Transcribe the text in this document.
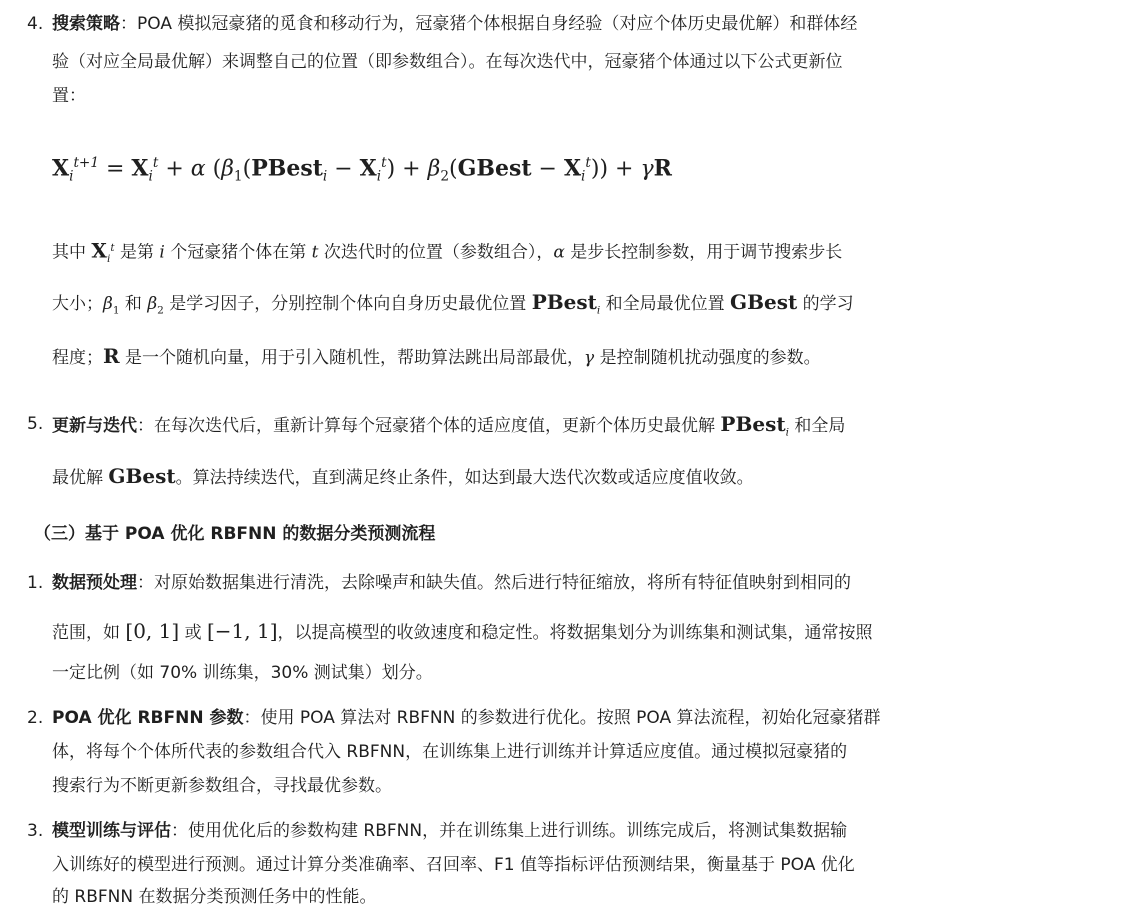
4. 搜索策略：POA 模拟冠豪猪的觅食和移动行为，冠豪猪个体根据自身经验（对应个体历史最优解）和群体经
验（对应全局最优解）来调整自己的位置（即参数组合）。在每次迭代中，冠豪猪个体通过以下公式更新位
置：
$X_i^{t+1} = X_i^t + \alpha$ ($\beta_1(PBest_i - X_i^t)$ + $\beta_2(GBest - X_i^t)) + \gamma R$
其中 $X_i^t$ 是第 i 个冠豪猪个体在第 t 次迭代时的位置（参数组合），α 是步长控制参数，用于调节搜索步长
大小；$\beta_1$ 和 $\beta_2$ 是学习因子，分别控制个体向自身历史最优位置 PBest$_i$ 和全局最优位置 GBest 的学习
程度；R 是一个随机向量，用于引入随机性，帮助算法跳出局部最优，γ 是控制随机扰动强度的参数。
5. 更新与迭代：在每次迭代后，重新计算每个冠豪猪个体的适应度值，更新个体历史最优解 PBest$_i$ 和全局
最优解 GBest。算法持续迭代，直到满足终止条件，如达到最大迭代次数或适应度值收敛。
（三）基于 POA 优化 RBFNN 的数据分类预测流程
1. 数据预处理：对原始数据集进行清洗，去除噪声和缺失值。然后进行特征缩放，将所有特征值映射到相同的
范围，如 [0, 1] 或 [−1, 1]，以提高模型的收敛速度和稳定性。将数据集划分为训练集和测试集，通常按照
一定比例（如 70% 训练集，30% 测试集）划分。
2. POA 优化 RBFNN 参数：使用 POA 算法对 RBFNN 的参数进行优化。按照 POA 算法流程，初始化冠豪猪群
体，将每个个体所代表的参数组合代入 RBFNN，在训练集上进行训练并计算适应度值。通过模拟冠豪猪的
搜索行为不断更新参数组合，寻找最优参数。
3. 模型训练与评估：使用优化后的参数构建 RBFNN，并在训练集上进行训练。训练完成后，将测试集数据输
入训练好的模型进行预测。通过计算分类准确率、召回率、F1 值等指标评估预测结果，衡量基于 POA 优化
的 RBFNN 在数据分类预测任务中的性能。
